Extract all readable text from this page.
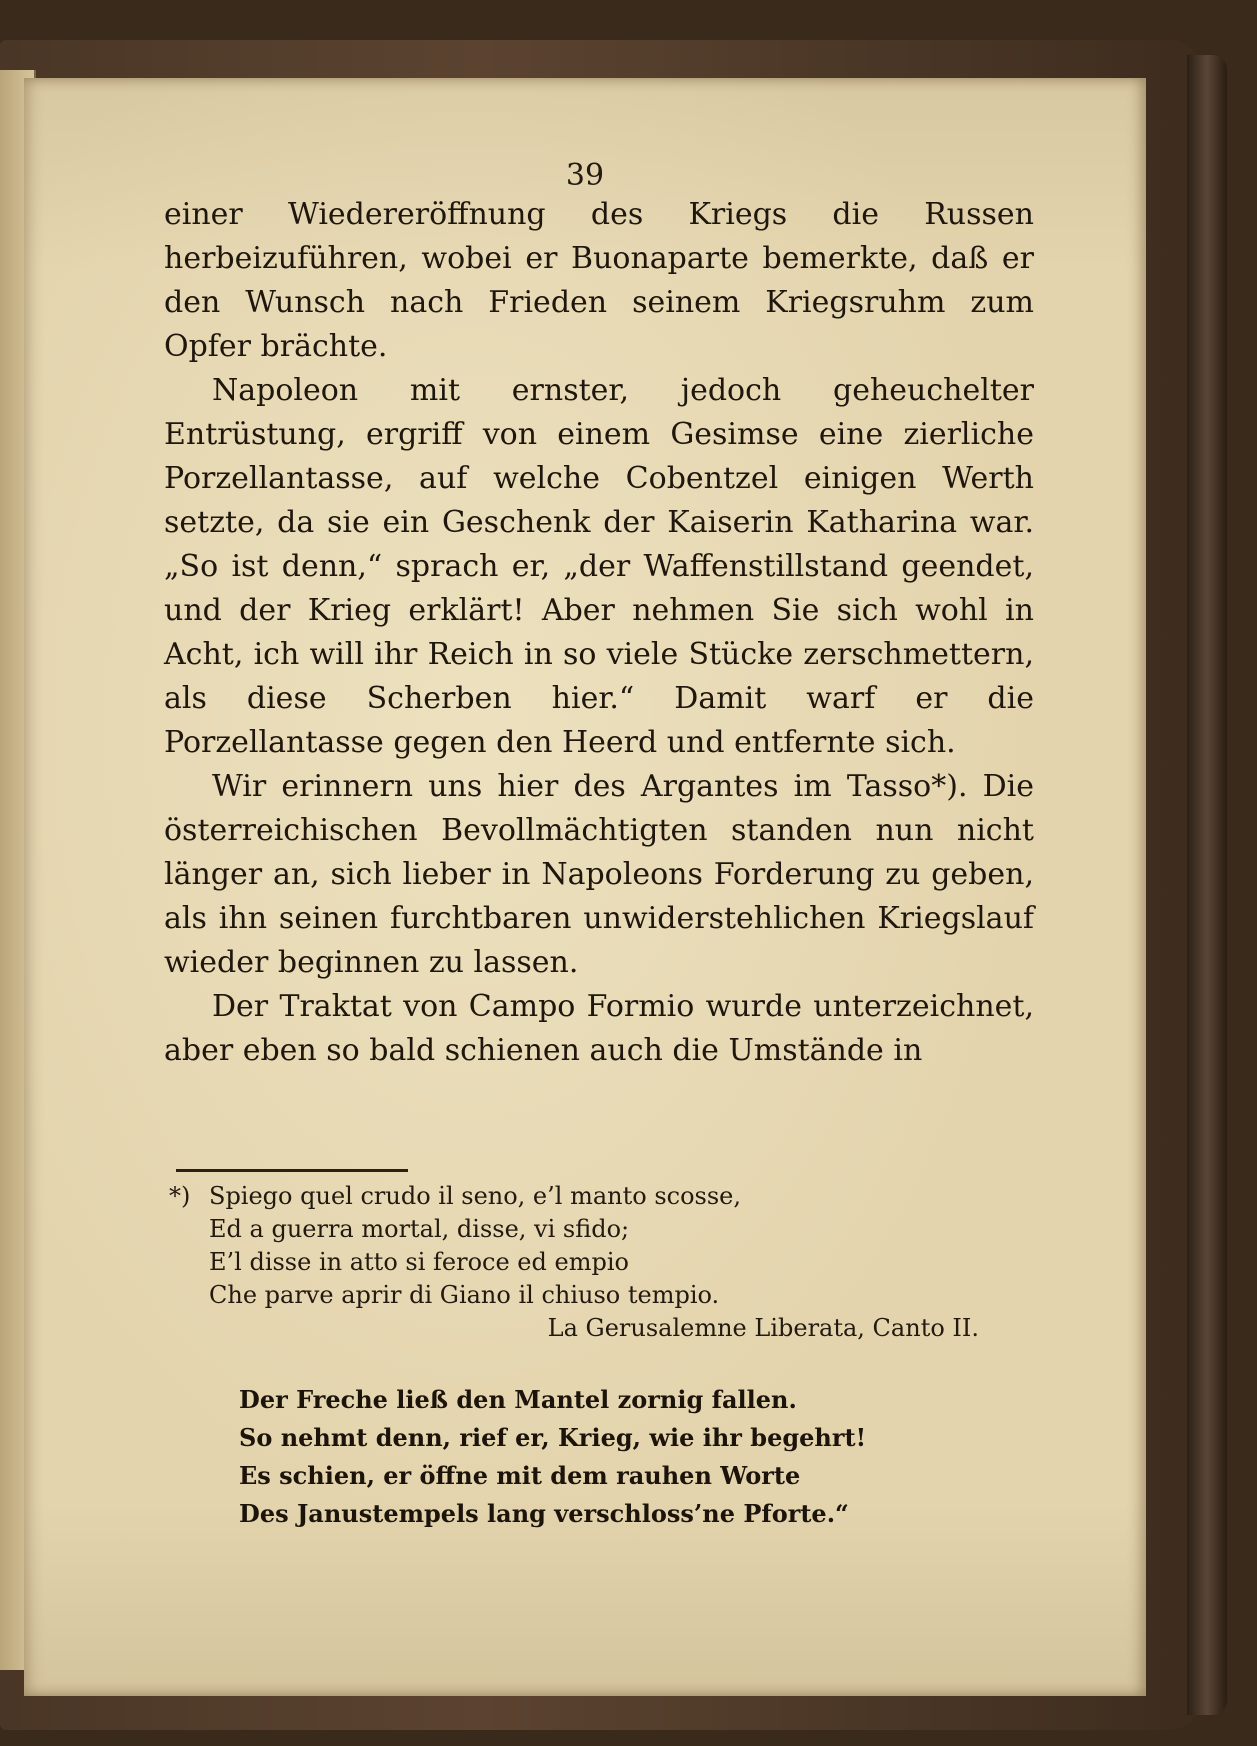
39

einer Wiedereröffnung des Kriegs die Russen herbeizuführen, wobei er Buonaparte bemerkte, daß er den Wunsch nach Frieden seinem Kriegsruhm zum Opfer brächte.

Napoleon mit ernster, jedoch geheuchelter Entrüstung, ergriff von einem Gesimse eine zierliche Porzellantasse, auf welche Cobentzel einigen Werth setzte, da sie ein Geschenk der Kaiserin Katharina war. „So ist denn,“ sprach er, „der Waffenstillstand geendet, und der Krieg erklärt! Aber nehmen Sie sich wohl in Acht, ich will ihr Reich in so viele Stücke zerschmettern, als diese Scherben hier.“ Damit warf er die Porzellantasse gegen den Heerd und entfernte sich.

Wir erinnern uns hier des Argantes im Tasso*). Die österreichischen Bevollmächtigten standen nun nicht länger an, sich lieber in Napoleons Forderung zu geben, als ihn seinen furchtbaren unwiderstehlichen Kriegslauf wieder beginnen zu lassen.

Der Traktat von Campo Formio wurde unterzeichnet, aber eben so bald schienen auch die Umstände in

*) Spiego quel crudo il seno, e’l manto scosse,
Ed a guerra mortal, disse, vi sfido;
E’l disse in atto si feroce ed empio
Che parve aprir di Giano il chiuso tempio.
La Gerusalemne Liberata, Canto II.
Der Freche ließ den Mantel zornig fallen.
So nehmt denn, rief er, Krieg, wie ihr begehrt!
Es schien, er öffne mit dem rauhen Worte
Des Janustempels lang verschloss’ne Pforte.“
